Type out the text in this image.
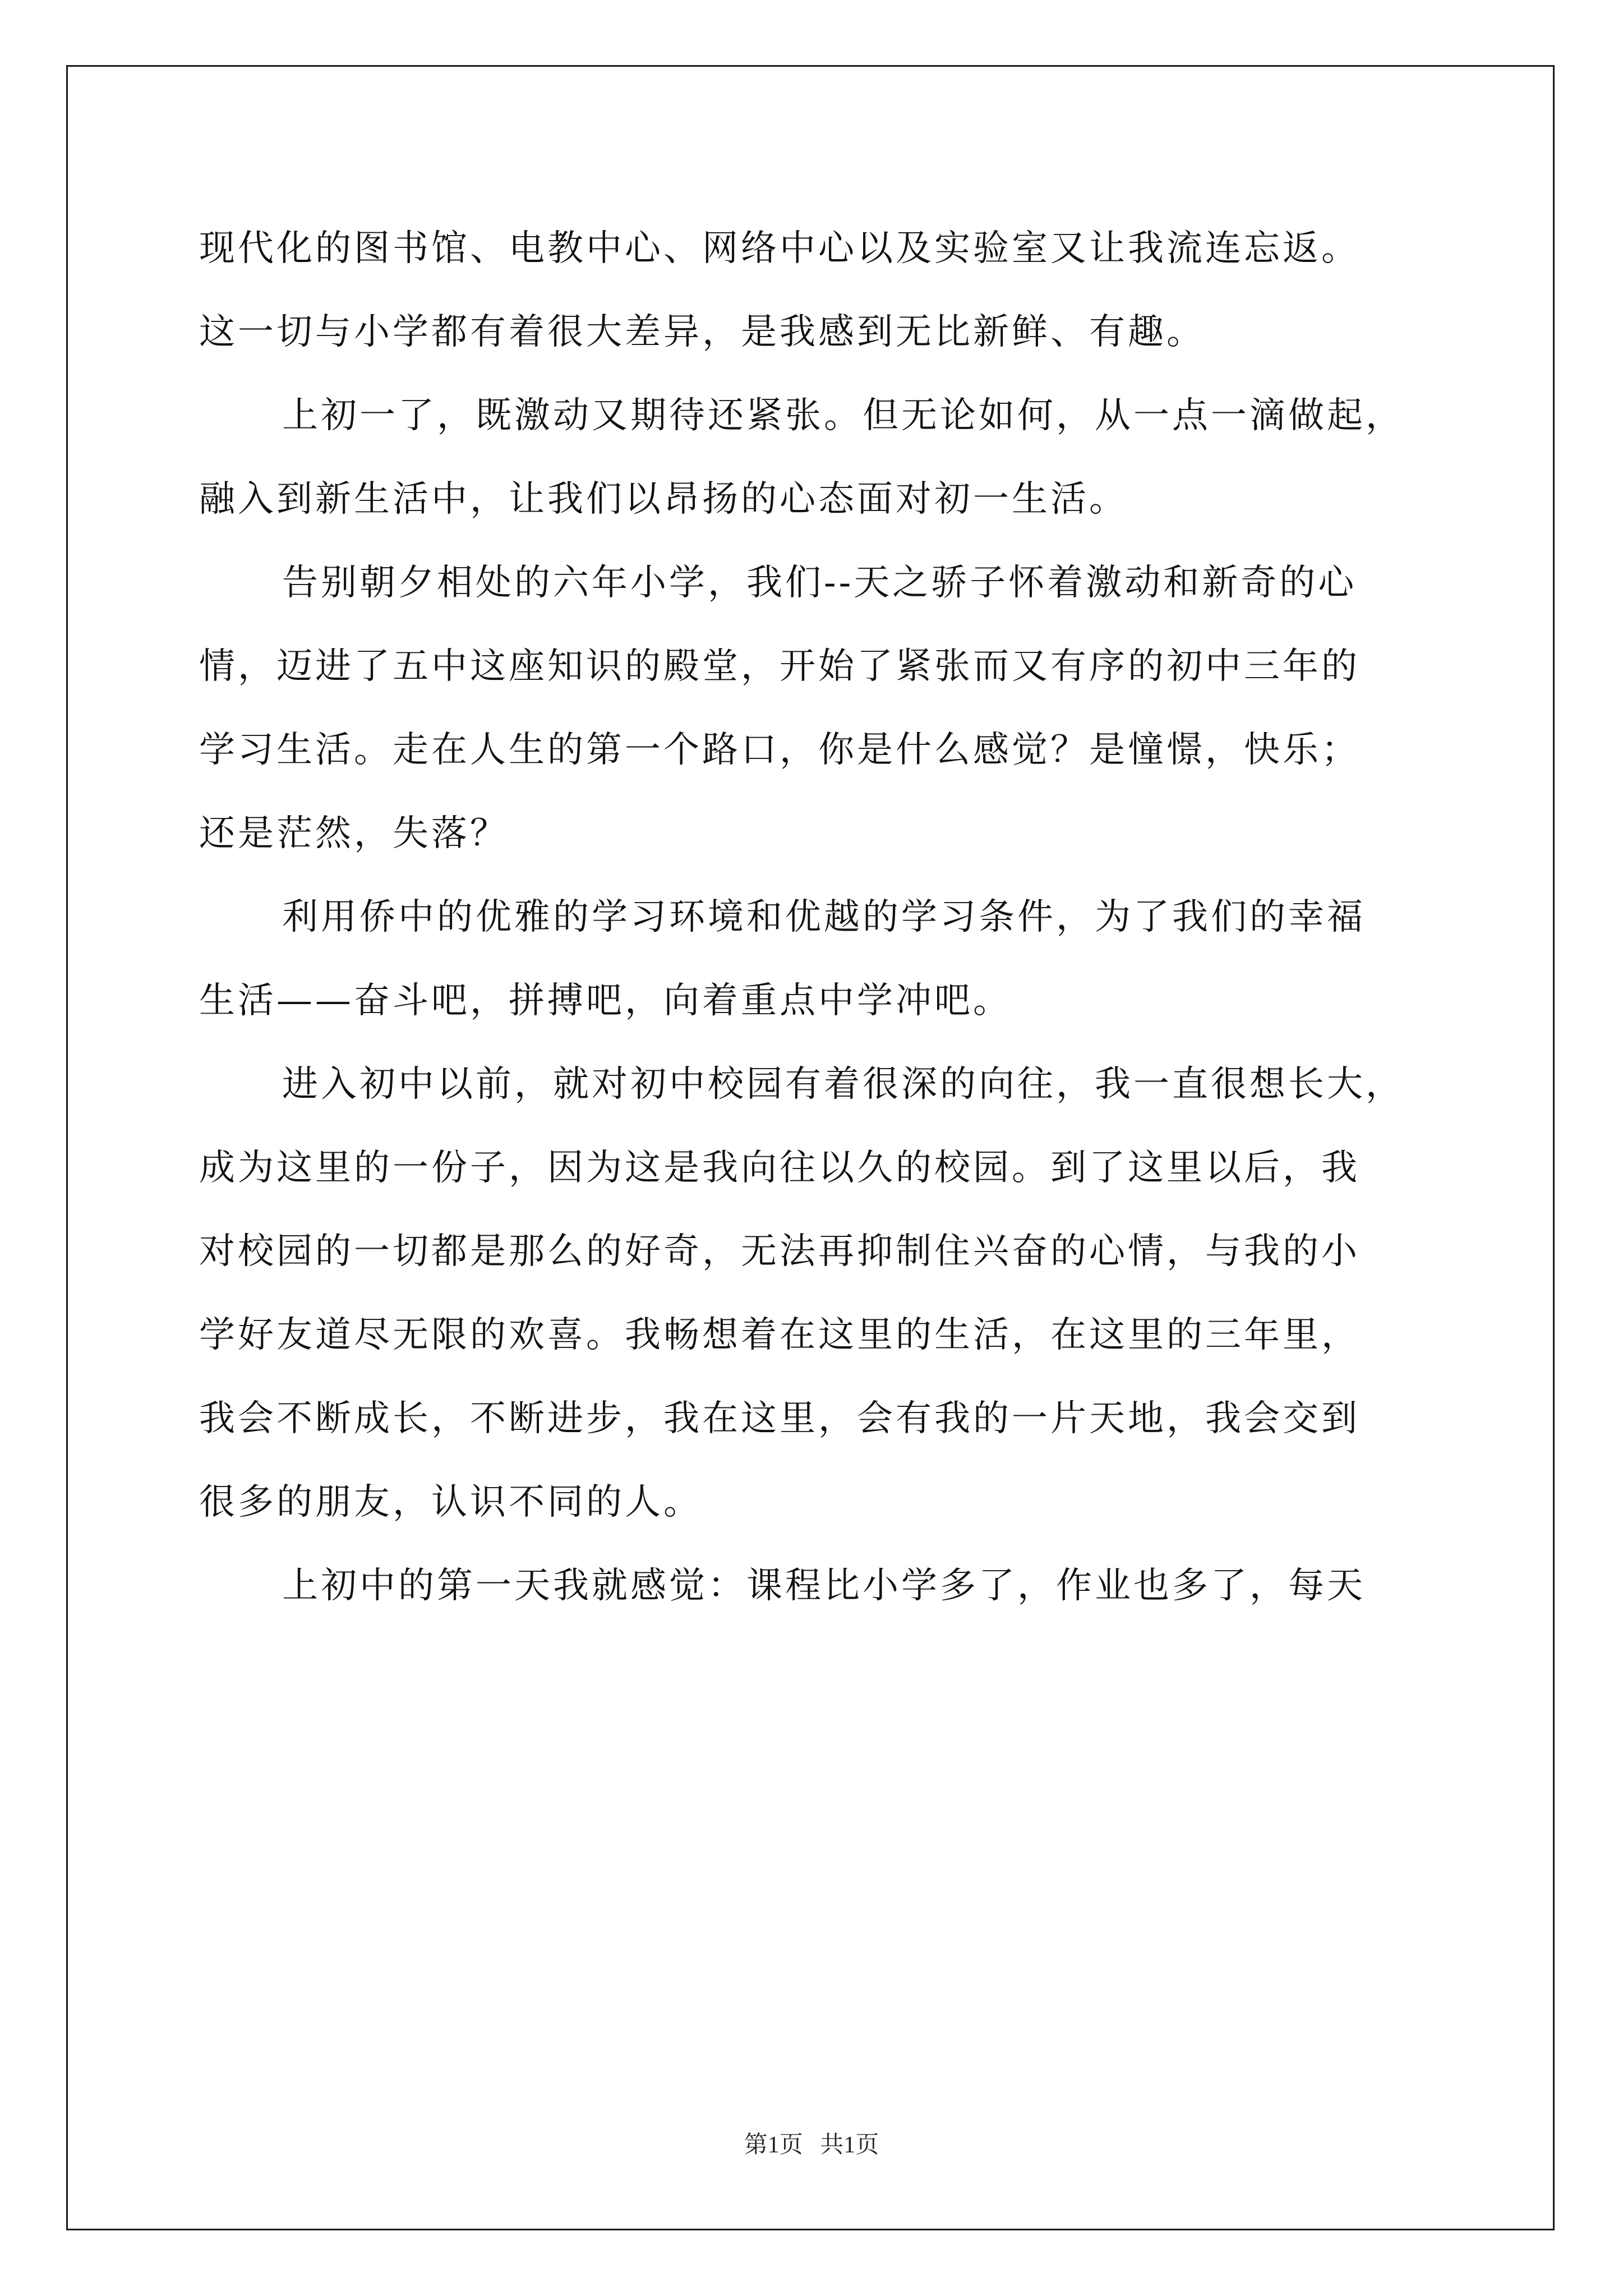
现代化的图书馆、电教中心、网络中心以及实验室又让我流连忘返。
这一切与小学都有着很大差异，是我感到无比新鲜、有趣。
上初一了，既激动又期待还紧张。但无论如何，从一点一滴做起，
融入到新生活中，让我们以昂扬的心态面对初一生活。
告别朝夕相处的六年小学，我们--天之骄子怀着激动和新奇的心
情，迈进了五中这座知识的殿堂，开始了紧张而又有序的初中三年的
学习生活。走在人生的第一个路口，你是什么感觉？是憧憬，快乐；
还是茫然，失落？
利用侨中的优雅的学习环境和优越的学习条件，为了我们的幸福
生活——奋斗吧，拼搏吧，向着重点中学冲吧。
进入初中以前，就对初中校园有着很深的向往，我一直很想长大，
成为这里的一份子，因为这是我向往以久的校园。到了这里以后，我
对校园的一切都是那么的好奇，无法再抑制住兴奋的心情，与我的小
学好友道尽无限的欢喜。我畅想着在这里的生活，在这里的三年里，
我会不断成长，不断进步，我在这里，会有我的一片天地，我会交到
很多的朋友，认识不同的人。
上初中的第一天我就感觉：课程比小学多了，作业也多了，每天
第1页 共1页
